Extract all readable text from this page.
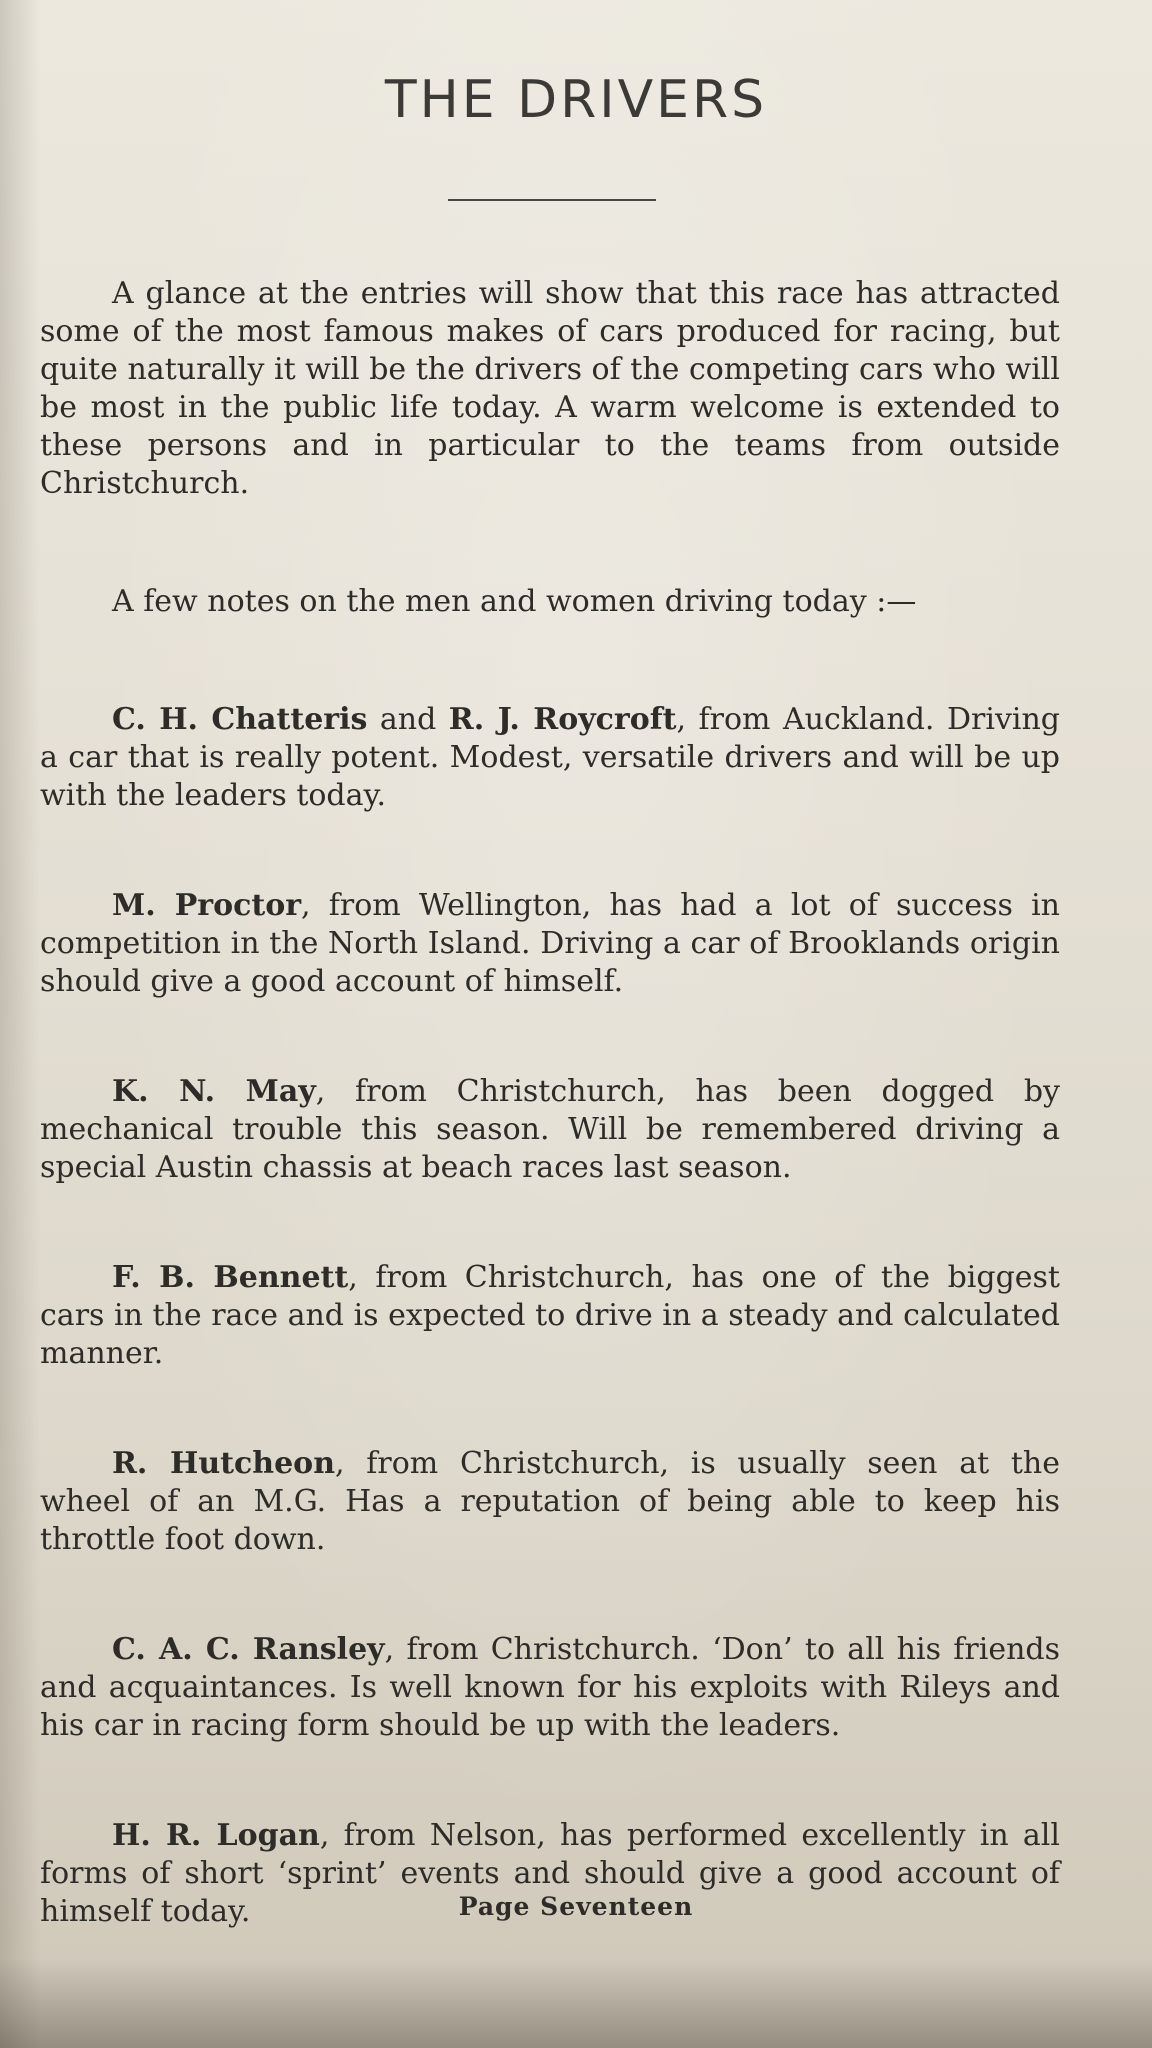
THE DRIVERS

A glance at the entries will show that this race has attracted some of the most famous makes of cars produced for racing, but quite naturally it will be the drivers of the competing cars who will be most in the public life today. A warm welcome is extended to these persons and in particular to the teams from outside Christchurch.

A few notes on the men and women driving today :—

C. H. Chatteris and R. J. Roycroft, from Auckland. Driving a car that is really potent. Modest, versatile drivers and will be up with the leaders today.

M. Proctor, from Wellington, has had a lot of success in competition in the North Island. Driving a car of Brooklands origin should give a good account of himself.

K. N. May, from Christchurch, has been dogged by mechanical trouble this season. Will be remembered driving a special Austin chassis at beach races last season.

F. B. Bennett, from Christchurch, has one of the biggest cars in the race and is expected to drive in a steady and calculated manner.

R. Hutcheon, from Christchurch, is usually seen at the wheel of an M.G. Has a reputation of being able to keep his throttle foot down.

C. A. C. Ransley, from Christchurch. ‘Don’ to all his friends and acquaintances. Is well known for his exploits with Rileys and his car in racing form should be up with the leaders.

H. R. Logan, from Nelson, has performed excellently in all forms of short ‘sprint’ events and should give a good account of himself today.	Page Seventeen
